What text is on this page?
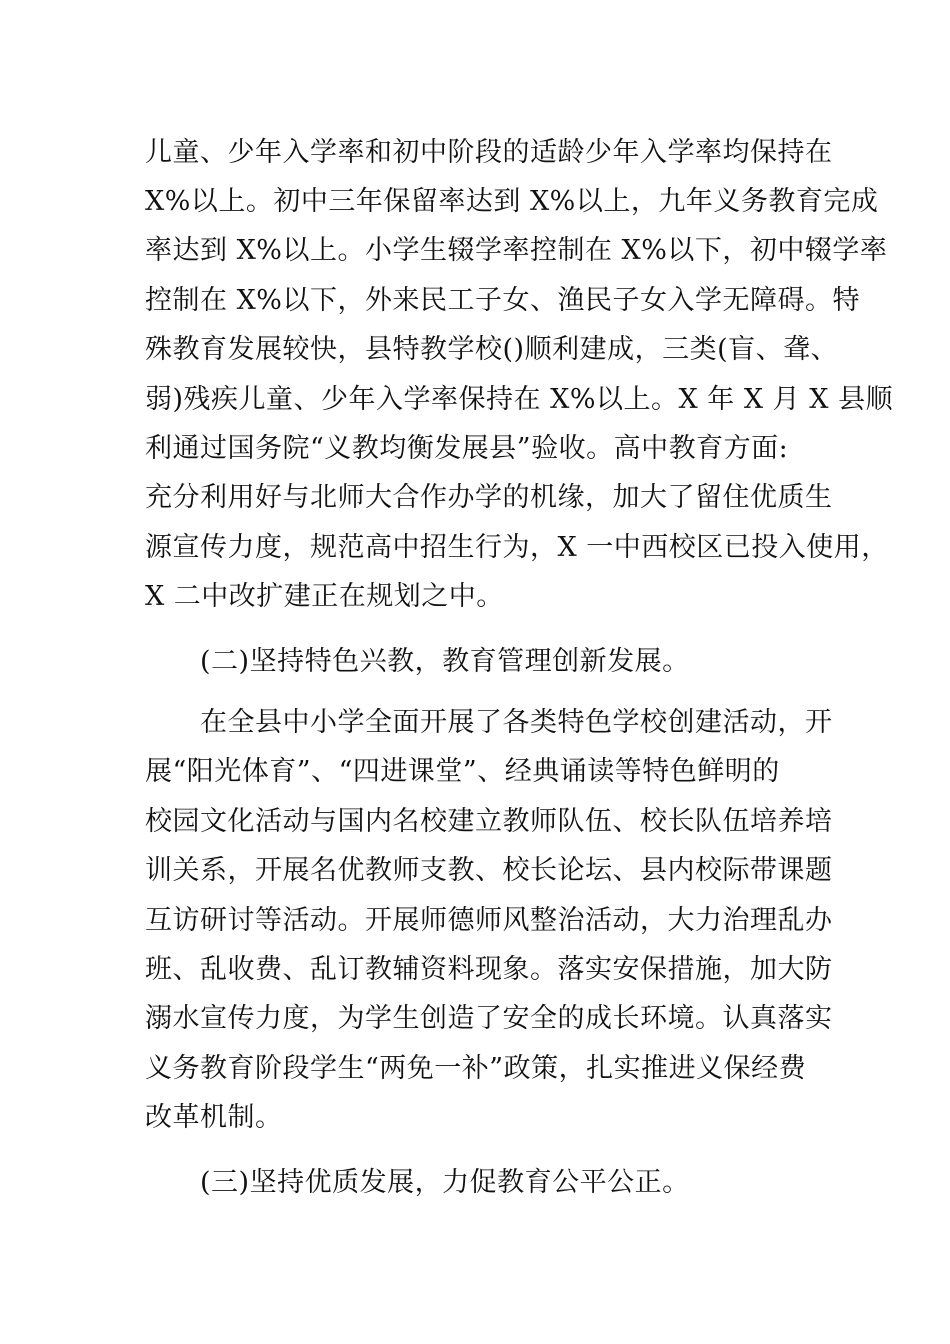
儿童、少年入学率和初中阶段的适龄少年入学率均保持在
X%以上。初中三年保留率达到 X%以上，九年义务教育完成
率达到 X%以上。小学生辍学率控制在 X%以下，初中辍学率
控制在 X%以下，外来民工子女、渔民子女入学无障碍。特
殊教育发展较快，县特教学校()顺利建成，三类(盲、聋、
弱)残疾儿童、少年入学率保持在 X%以上。X 年 X 月 X 县顺
利通过国务院“义教均衡发展县”验收。高中教育方面:
充分利用好与北师大合作办学的机缘，加大了留住优质生
源宣传力度，规范高中招生行为，X 一中西校区已投入使用，
X 二中改扩建正在规划之中。
(二)坚持特色兴教，教育管理创新发展。
在全县中小学全面开展了各类特色学校创建活动，开
展“阳光体育”、“四进课堂”、经典诵读等特色鲜明的
校园文化活动与国内名校建立教师队伍、校长队伍培养培
训关系，开展名优教师支教、校长论坛、县内校际带课题
互访研讨等活动。开展师德师风整治活动，大力治理乱办
班、乱收费、乱订教辅资料现象。落实安保措施，加大防
溺水宣传力度，为学生创造了安全的成长环境。认真落实
义务教育阶段学生“两免一补”政策，扎实推进义保经费
改革机制。
(三)坚持优质发展，力促教育公平公正。
